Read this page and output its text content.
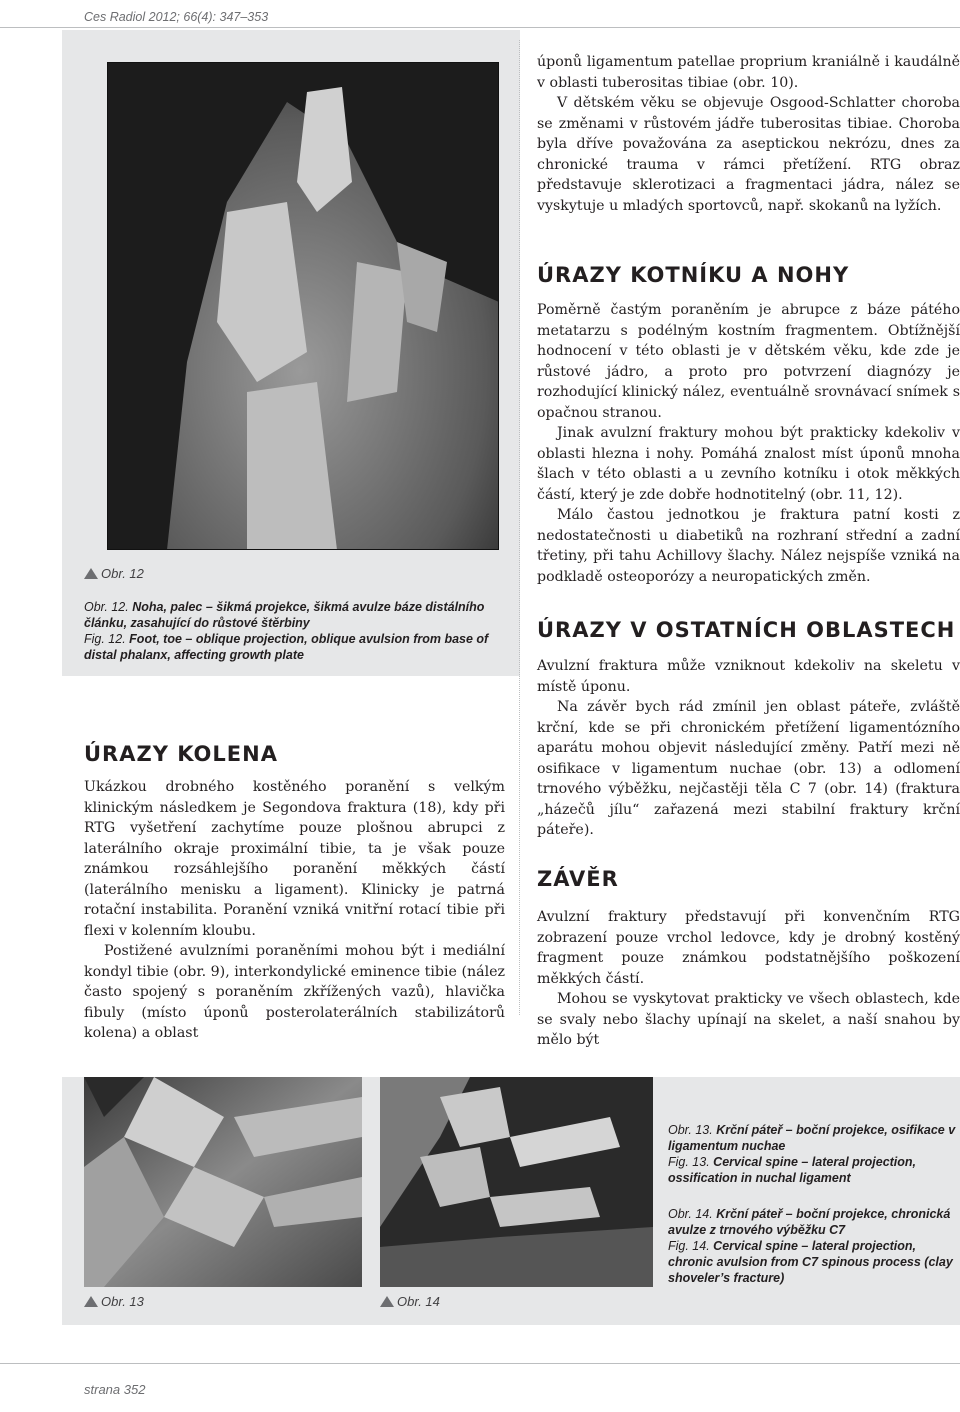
Ces Radiol 2012; 66(4): 347–353
Obr. 12

Obr. 12. Noha, palec – šikmá projekce, šikmá avulze báze distálního článku, zasahující do růstové štěrbiny

Fig. 12. Foot, toe – oblique projection, oblique avulsion from base of distal phalanx, affecting growth plate

ÚRAZY KOLENA

Ukázkou drobného kostěného poranění s velkým klinickým následkem je Segondova fraktura (18), kdy při RTG vyšetření zachytíme pouze plošnou abrupci z laterálního okraje proximální tibie, ta je však pouze známkou rozsáhlejšího poranění měkkých částí (laterálního menisku a ligament). Klinicky je patrná rotační instabilita. Poranění vzniká vnitřní rotací tibie při flexi v kolenním kloubu.

Postižené avulzními poraněními mohou být i mediální kondyl tibie (obr. 9), interkondylické eminence tibie (nález často spojený s poraněním zkřížených vazů), hlavička fibuly (místo úponů posterolaterálních stabilizátorů kolena) a oblast

úponů ligamentum patellae proprium kraniálně i kaudálně v oblasti tuberositas tibiae (obr. 10).

V dětském věku se objevuje Osgood-Schlatter choroba se změnami v růstovém jádře tuberositas tibiae. Choroba byla dříve považována za aseptickou nekrózu, dnes za chronické trauma v rámci přetížení. RTG obraz představuje sklerotizaci a fragmentaci jádra, nález se vyskytuje u mladých sportovců, např. skokanů na lyžích.

ÚRAZY KOTNÍKU A NOHY

Poměrně častým poraněním je abrupce z báze pátého metatarzu s podélným kostním fragmentem. Obtížnější hodnocení v této oblasti je v dětském věku, kde zde je růstové jádro, a proto pro potvrzení diagnózy je rozhodující klinický nález, eventuálně srovnávací snímek s opačnou stranou.

Jinak avulzní fraktury mohou být prakticky kdekoliv v oblasti hlezna i nohy. Pomáhá znalost míst úponů mnoha šlach v této oblasti a u zevního kotníku i otok měkkých částí, který je zde dobře hodnotitelný (obr. 11, 12).

Málo častou jednotkou je fraktura patní kosti z nedostatečnosti u diabetiků na rozhraní střední a zadní třetiny, při tahu Achillovy šlachy. Nález nejspíše vzniká na podkladě osteoporózy a neuropatických změn.

ÚRAZY V OSTATNÍCH OBLASTECH

Avulzní fraktura může vzniknout kdekoliv na skeletu v místě úponu.

Na závěr bych rád zmínil jen oblast páteře, zvláště krční, kde se při chronickém přetížení ligamentózního aparátu mohou objevit následující změny. Patří mezi ně osifikace v ligamentum nuchae (obr. 13) a odlomení trnového výběžku, nejčastěji těla C 7 (obr. 14) (fraktura „házečů jílu“ zařazená mezi stabilní fraktury krční páteře).

ZÁVĚR

Avulzní fraktury představují při konvenčním RTG zobrazení pouze vrchol ledovce, kdy je drobný kostěný fragment pouze známkou podstatnějšího poškození měkkých částí.

Mohou se vyskytovat prakticky ve všech oblastech, kde se svaly nebo šlachy upínají na skelet, a naší snahou by mělo být

Obr. 13	Obr. 14

Obr. 13. Krční páteř – boční projekce, osifikace v ligamentum nuchae

Fig. 13. Cervical spine – lateral projection, ossification in nuchal ligament

Obr. 14. Krční páteř – boční projekce, chronická avulze z trnového výběžku C7

Fig. 14. Cervical spine – lateral projection, chronic avulsion from C7 spinous process (clay shoveler’s fracture)

strana 352
